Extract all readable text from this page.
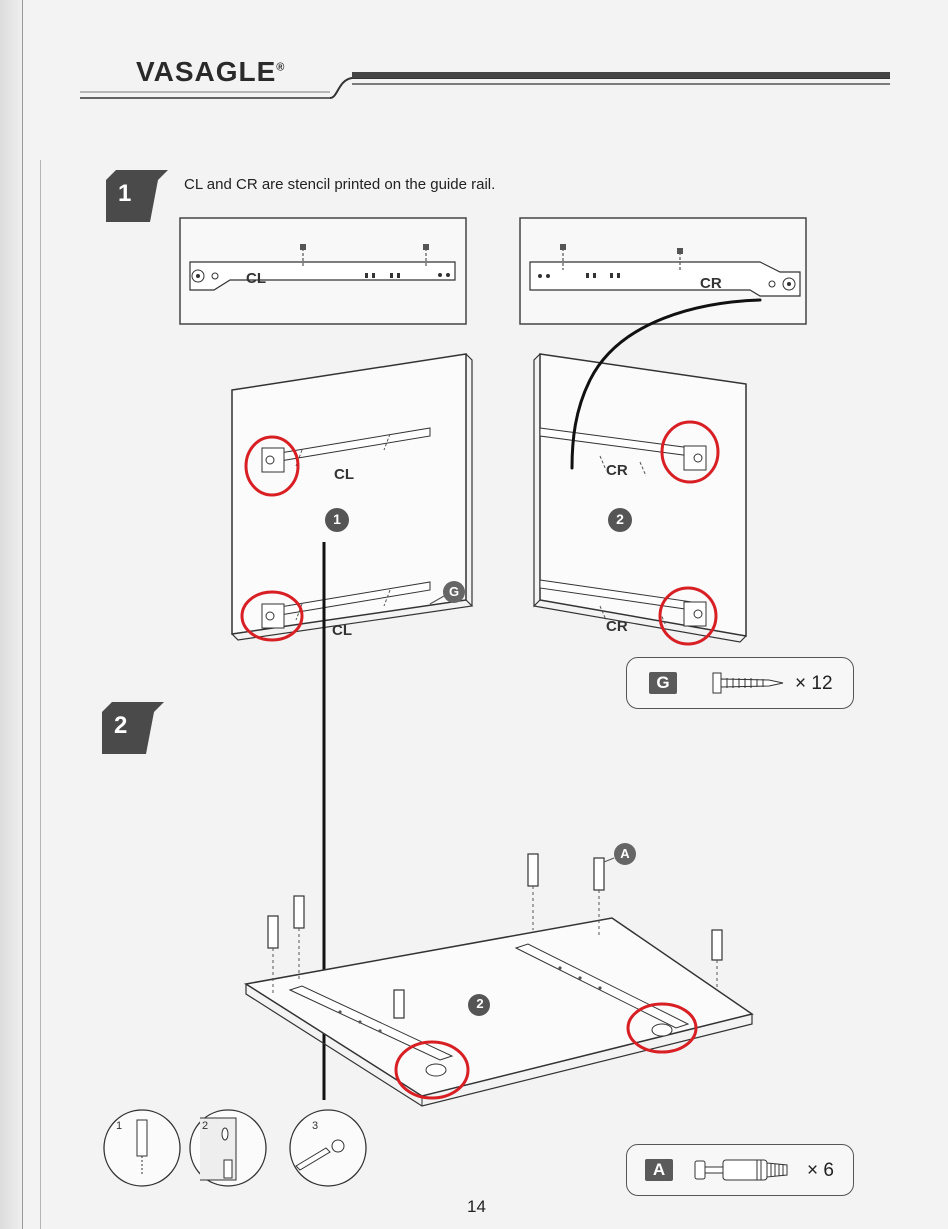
VASAGLE®
1	CL and CR are stencil printed on the guide rail.
CL	CR
CL
CL
CR
CR
1	2
G
G	× 12
2
2
A
1	2	3
A	× 6
14
